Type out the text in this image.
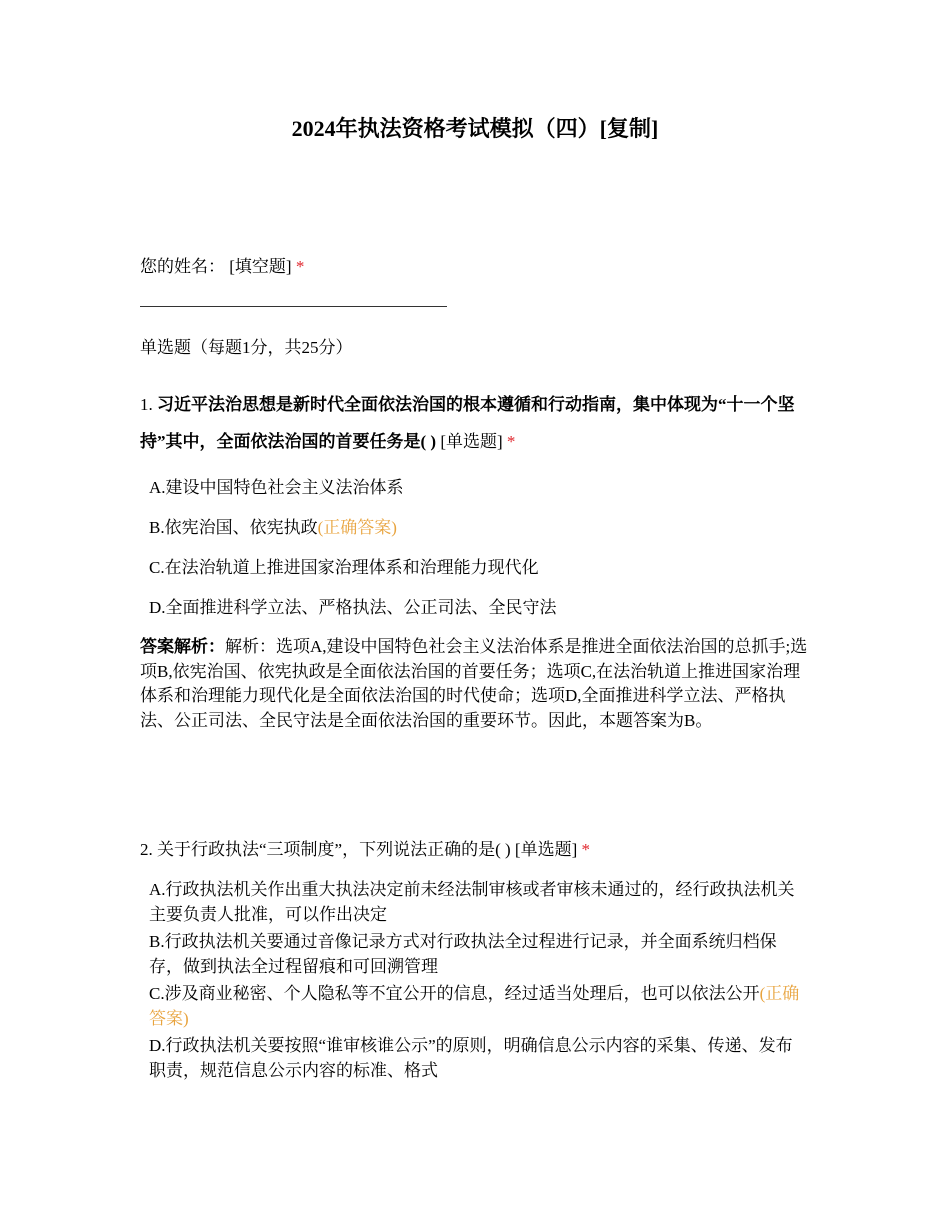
2024年执法资格考试模拟（四）[复制]
您的姓名： [填空题] *
单选题（每题1分，共25分）
1. 习近平法治思想是新时代全面依法治国的根本遵循和行动指南，集中体现为“十一个坚持”其中，全面依法治国的首要任务是( ) [单选题] *
A.建设中国特色社会主义法治体系
B.依宪治国、依宪执政(正确答案)
C.在法治轨道上推进国家治理体系和治理能力现代化
D.全面推进科学立法、严格执法、公正司法、全民守法
答案解析：解析：选项A,建设中国特色社会主义法治体系是推进全面依法治国的总抓手;选项B,依宪治国、依宪执政是全面依法治国的首要任务；选项C,在法治轨道上推进国家治理体系和治理能力现代化是全面依法治国的时代使命；选项D,全面推进科学立法、严格执法、公正司法、全民守法是全面依法治国的重要环节。因此，本题答案为B。
2. 关于行政执法“三项制度”，下列说法正确的是( ) [单选题] *
A.行政执法机关作出重大执法决定前未经法制审核或者审核未通过的，经行政执法机关主要负责人批准，可以作出决定
B.行政执法机关要通过音像记录方式对行政执法全过程进行记录，并全面系统归档保存，做到执法全过程留痕和可回溯管理
C.涉及商业秘密、个人隐私等不宜公开的信息，经过适当处理后，也可以依法公开(正确答案)
D.行政执法机关要按照“谁审核谁公示”的原则，明确信息公示内容的采集、传递、发布职责，规范信息公示内容的标准、格式
